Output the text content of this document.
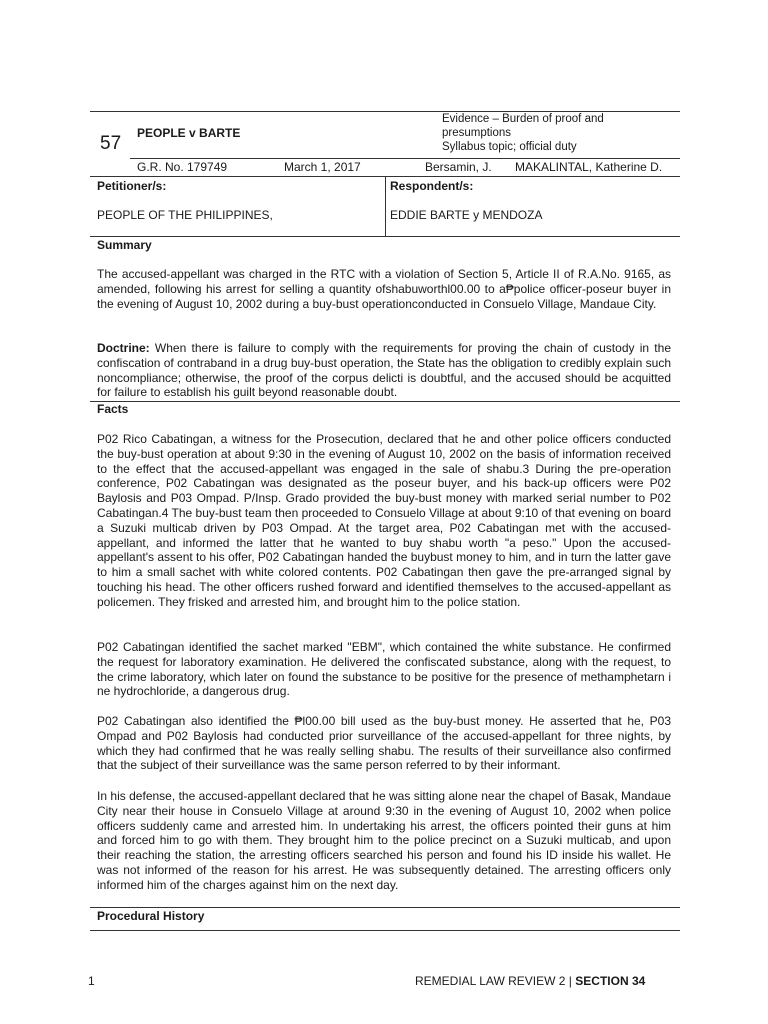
57 PEOPLE v BARTE
Evidence – Burden of proof and
presumptions
Syllabus topic; official duty
G.R. No. 179749	March 1, 2017	Bersamin, J. MAKALINTAL, Katherine D.
Petitioner/s:	Respondent/s:
PEOPLE OF THE PHILIPPINES,	EDDIE BARTE y MENDOZA
Summary
The accused-appellant was charged in the RTC with a violation of Section 5, Article II of R.A.No. 9165, as amended, following his arrest for selling a quantity ofshabuworthl00.00 to a₱police officer-poseur buyer in the evening of August 10, 2002 during a buy-bust operationconducted in Consuelo Village, Mandaue City.
Doctrine: When there is failure to comply with the requirements for proving the chain of custody in the confiscation of contraband in a drug buy-bust operation, the State has the obligation to credibly explain such noncompliance; otherwise, the proof of the corpus delicti is doubtful, and the accused should be acquitted for failure to establish his guilt beyond reasonable doubt.
Facts
P02 Rico Cabatingan, a witness for the Prosecution, declared that he and other police officers conducted the buy-bust operation at about 9:30 in the evening of August 10, 2002 on the basis of information received to the effect that the accused-appellant was engaged in the sale of shabu.3 During the pre-operation conference, P02 Cabatingan was designated as the poseur buyer, and his back-up officers were P02 Baylosis and P03 Ompad. P/Insp. Grado provided the buy-bust money with marked serial number to P02 Cabatingan.4 The buy-bust team then proceeded to Consuelo Village at about 9:10 of that evening on board a Suzuki multicab driven by P03 Ompad. At the target area, P02 Cabatingan met with the accused-appellant, and informed the latter that he wanted to buy shabu worth "a peso." Upon the accused-appellant's assent to his offer, P02 Cabatingan handed the buybust money to him, and in turn the latter gave to him a small sachet with white colored contents. P02 Cabatingan then gave the pre-arranged signal by touching his head. The other officers rushed forward and identified themselves to the accused-appellant as policemen. They frisked and arrested him, and brought him to the police station.
P02 Cabatingan identified the sachet marked "EBM", which contained the white substance. He confirmed the request for laboratory examination. He delivered the confiscated substance, along with the request, to the crime laboratory, which later on found the substance to be positive for the presence of methamphetarn i ne hydrochloride, a dangerous drug.
P02 Cabatingan also identified the ₱l00.00 bill used as the buy-bust money. He asserted that he, P03 Ompad and P02 Baylosis had conducted prior surveillance of the accused-appellant for three nights, by which they had confirmed that he was really selling shabu. The results of their surveillance also confirmed that the subject of their surveillance was the same person referred to by their informant.
In his defense, the accused-appellant declared that he was sitting alone near the chapel of Basak, Mandaue City near their house in Consuelo Village at around 9:30 in the evening of August 10, 2002 when police officers suddenly came and arrested him. In undertaking his arrest, the officers pointed their guns at him and forced him to go with them. They brought him to the police precinct on a Suzuki multicab, and upon their reaching the station, the arresting officers searched his person and found his ID inside his wallet. He was not informed of the reason for his arrest. He was subsequently detained. The arresting officers only informed him of the charges against him on the next day.
Procedural History
1	REMEDIAL LAW REVIEW 2 | SECTION 34
